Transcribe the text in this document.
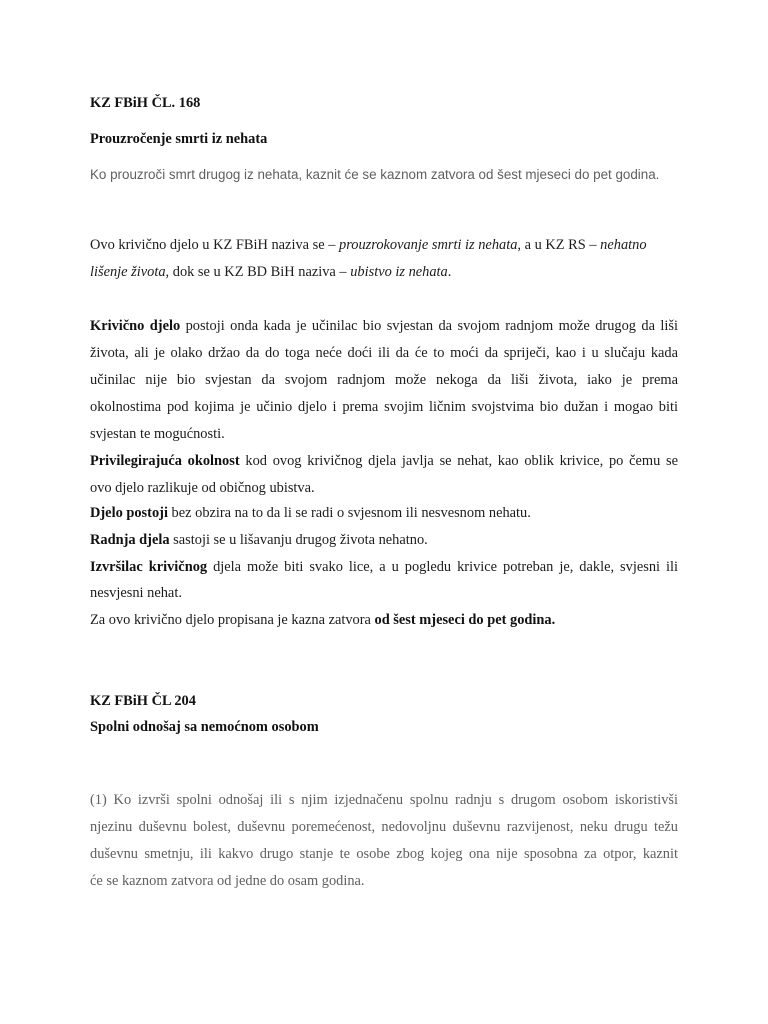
KZ FBiH ČL. 168

Prouzročenje smrti iz nehata

Ko prouzroči smrt drugog iz nehata, kaznit će se kaznom zatvora od šest mjeseci do pet godina.

Ovo krivično djelo u KZ FBiH naziva se – prouzrokovanje smrti iz nehata, a u KZ RS – nehatno

lišenje života, dok se u KZ BD BiH naziva – ubistvo iz nehata.

Krivično djelo postoji onda kada je učinilac bio svjestan da svojom radnjom može drugog da liši

života, ali je olako držao da do toga neće doći ili da će to moći da spriječi, kao i u slučaju kada

učinilac nije bio svjestan da svojom radnjom može nekoga da liši života, iako je prema

okolnostima pod kojima je učinio djelo i prema svojim ličnim svojstvima bio dužan i mogao biti

svjestan te mogućnosti.

Privilegirajuća okolnost kod ovog krivičnog djela javlja se nehat, kao oblik krivice, po čemu se

ovo djelo razlikuje od običnog ubistva.

Djelo postoji bez obzira na to da li se radi o svjesnom ili nesvesnom nehatu.

Radnja djela sastoji se u lišavanju drugog života nehatno.

Izvršilac krivičnog djela može biti svako lice, a u pogledu krivice potreban je, dakle, svjesni ili

nesvjesni nehat.

Za ovo krivično djelo propisana je kazna zatvora od šest mjeseci do pet godina.

KZ FBiH ČL 204

Spolni odnošaj sa nemoćnom osobom

(1) Ko izvrši spolni odnošaj ili s njim izjednačenu spolnu radnju s drugom osobom iskoristivši

njezinu duševnu bolest, duševnu poremećenost, nedovoljnu duševnu razvijenost, neku drugu težu

duševnu smetnju, ili kakvo drugo stanje te osobe zbog kojeg ona nije sposobna za otpor, kaznit

će se kaznom zatvora od jedne do osam godina.
